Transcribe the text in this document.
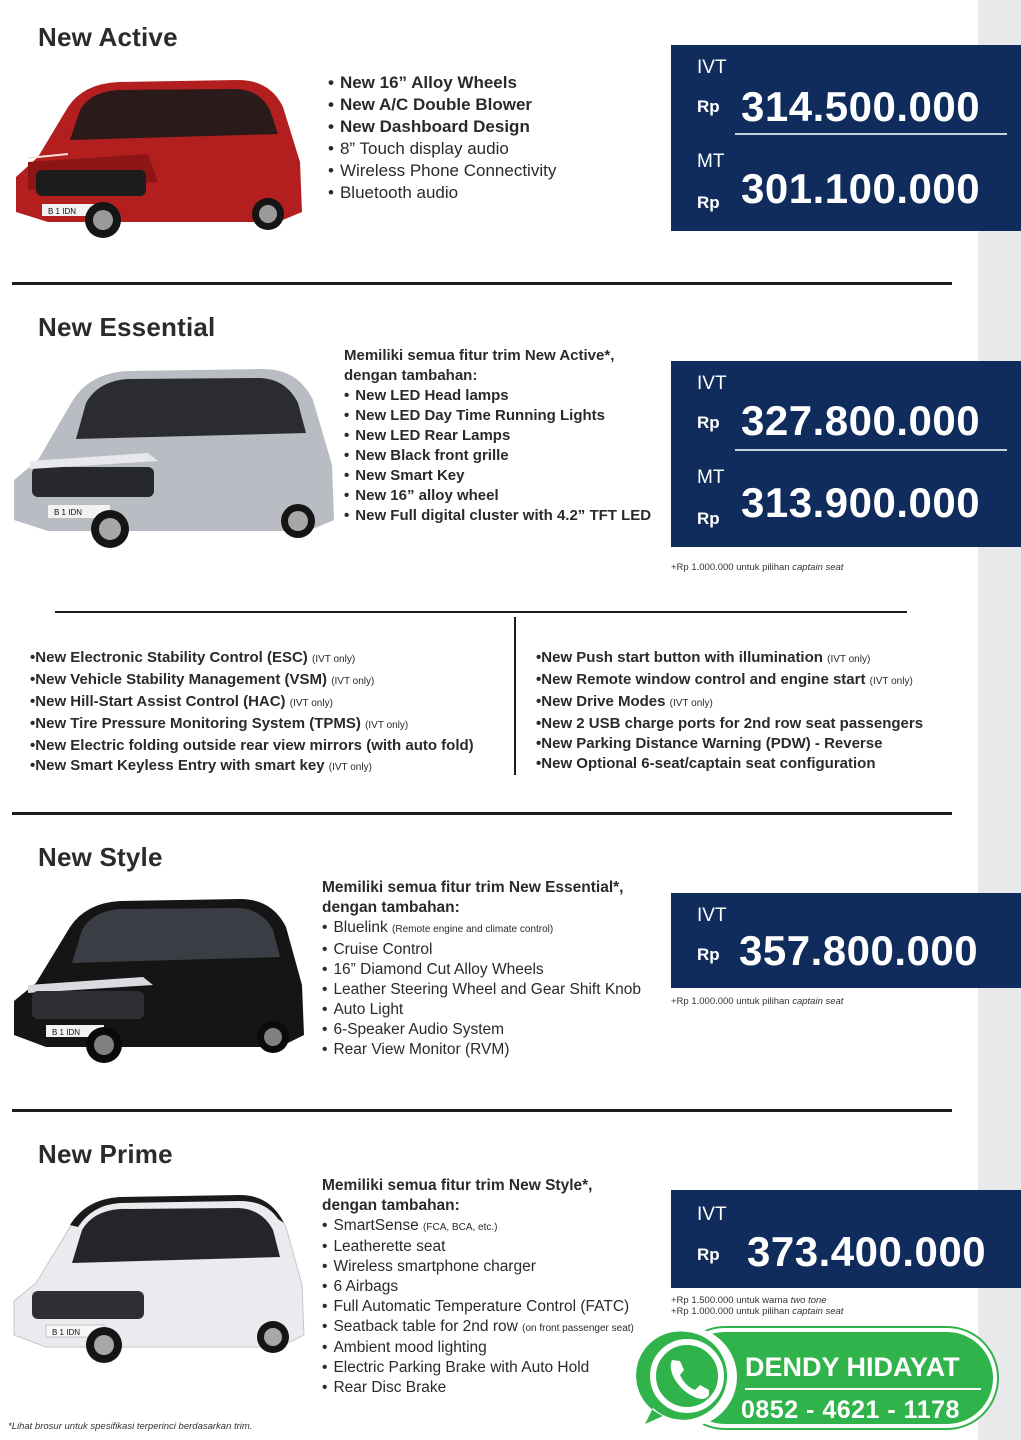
New Active
B 1 IDN
• New 16” Alloy Wheels
• New A/C Double Blower
• New Dashboard Design
• 8” Touch display audio
• Wireless Phone Connectivity
• Bluetooth audio
IVT
Rp 314.500.000
MT
Rp 301.100.000
New Essential
B 1 IDN
Memiliki semua fitur trim New Active*,
dengan tambahan:
• New LED Head lamps
• New LED Day Time Running Lights
• New LED Rear Lamps
• New Black front grille
• New Smart Key
• New 16” alloy wheel
• New Full digital cluster with 4.2” TFT LED
IVT
Rp 327.800.000
MT
Rp 313.900.000
+Rp 1.000.000 untuk pilihan captain seat
•New Electronic Stability Control (ESC) (IVT only)
•New Vehicle Stability Management (VSM) (IVT only)
•New Hill-Start Assist Control (HAC) (IVT only)
•New Tire Pressure Monitoring System (TPMS) (IVT only)
•New Electric folding outside rear view mirrors (with auto fold)
•New Smart Keyless Entry with smart key (IVT only)
•New Push start button with illumination (IVT only)
•New Remote window control and engine start (IVT only)
•New Drive Modes (IVT only)
•New 2 USB charge ports for 2nd row seat passengers
•New Parking Distance Warning (PDW) - Reverse
•New Optional 6-seat/captain seat configuration
New Style
B 1 IDN
Memiliki semua fitur trim New Essential*,
dengan tambahan:
• Bluelink (Remote engine and climate control)
• Cruise Control
• 16” Diamond Cut Alloy Wheels
• Leather Steering Wheel and Gear Shift Knob
• Auto Light
• 6-Speaker Audio System
• Rear View Monitor (RVM)
IVT
Rp 357.800.000
+Rp 1.000.000 untuk pilihan captain seat
New Prime
B 1 IDN
Memiliki semua fitur trim New Style*,
dengan tambahan:
• SmartSense (FCA, BCA, etc.)
• Leatherette seat
• Wireless smartphone charger
• 6 Airbags
• Full Automatic Temperature Control (FATC)
• Seatback table for 2nd row (on front passenger seat)
• Ambient mood lighting
• Electric Parking Brake with Auto Hold
• Rear Disc Brake
IVT
Rp 373.400.000
+Rp 1.500.000 untuk warna two tone
+Rp 1.000.000 untuk pilihan captain seat
*Lihat brosur untuk spesifikasi terperinci berdasarkan trim.
DENDY HIDAYAT
0852 - 4621 - 1178
